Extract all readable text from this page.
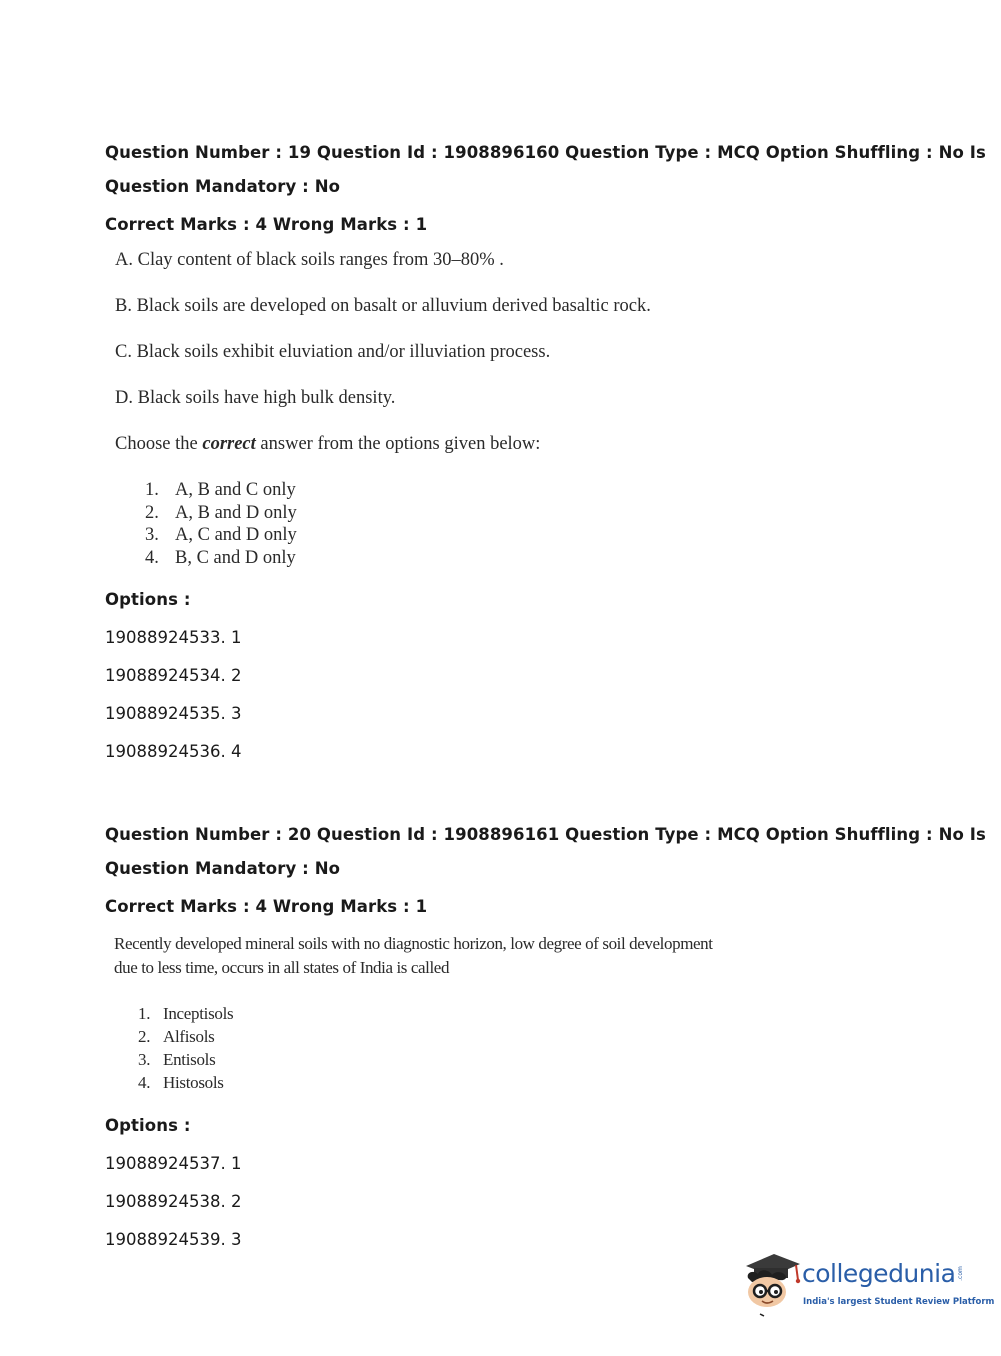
Question Number : 19 Question Id : 1908896160 Question Type : MCQ Option Shuffling : No Is
Question Mandatory : No
Correct Marks : 4 Wrong Marks : 1
A. Clay content of black soils ranges from 30–80% .
B. Black soils are developed on basalt or alluvium derived basaltic rock.
C. Black soils exhibit eluviation and/or illuviation process.
D. Black soils have high bulk density.
Choose the correct answer from the options given below:
1. A, B and C only
2. A, B and D only
3. A, C and D only
4. B, C and D only
Options :
19088924533. 1
19088924534. 2
19088924535. 3
19088924536. 4
Question Number : 20 Question Id : 1908896161 Question Type : MCQ Option Shuffling : No Is
Question Mandatory : No
Correct Marks : 4 Wrong Marks : 1
Recently developed mineral soils with no diagnostic horizon, low degree of soil development
due to less time, occurs in all states of India is called
1. Inceptisols
2. Alfisols
3. Entisols
4. Histosols
Options :
19088924537. 1
19088924538. 2
19088924539. 3
collegedunia .com
India's largest Student Review Platform
